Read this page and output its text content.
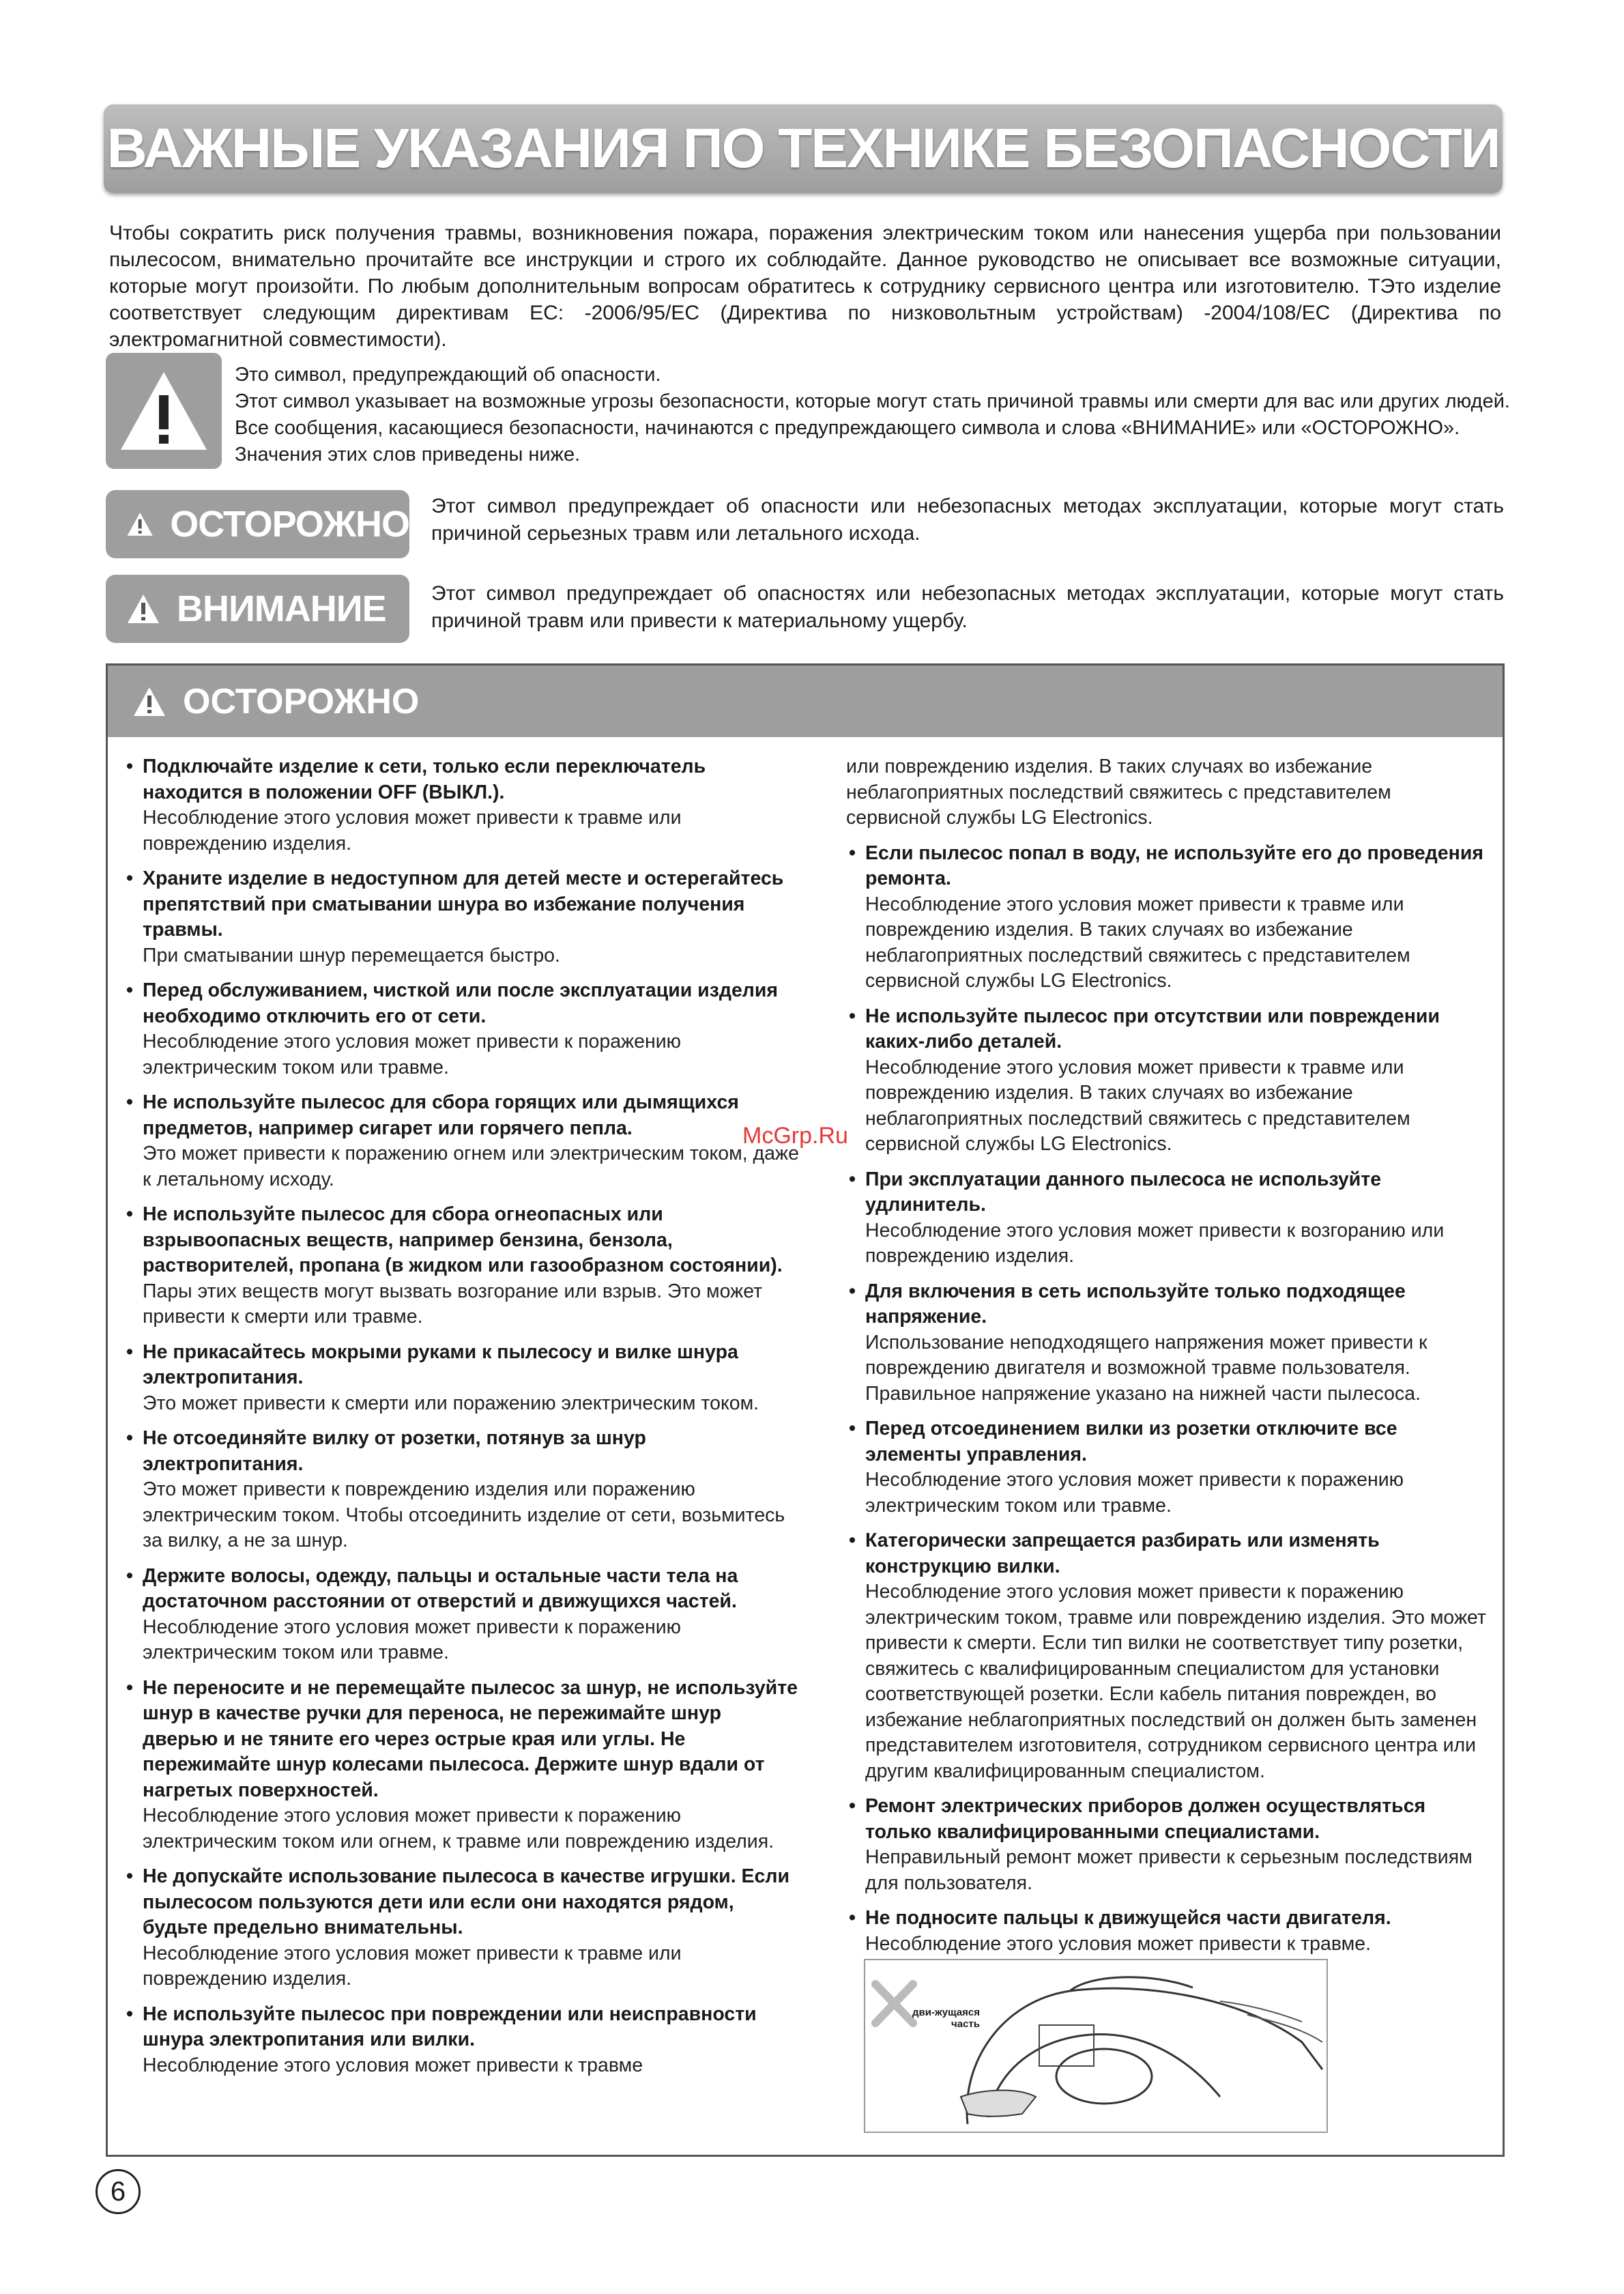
ВАЖНЫЕ УКАЗАНИЯ ПО ТЕХНИКЕ БЕЗОПАСНОСТИ

Чтобы сократить риск получения травмы, возникновения пожара, поражения электрическим током или нанесения ущерба при пользовании пылесосом, внимательно прочитайте все инструкции и строго их соблюдайте. Данное руководство не описывает все возможные ситуации, которые могут произойти. По любым дополнительным вопросам обратитесь к сотруднику сервисного центра или изготовителю. ТЭто изделие соответствует следующим директивам ЕС: -2006/95/EC (Директива по низковольтным устройствам) -2004/108/EC (Директива по электромагнитной совместимости).

Это символ, предупреждающий об опасности.
Этот символ указывает на возможные угрозы безопасности, которые могут стать причиной травмы или смерти для вас или других людей.
Все сообщения, касающиеся безопасности, начинаются с предупреждающего символа и слова «ВНИМАНИЕ» или «ОСТОРОЖНО».
Значения этих слов приведены ниже.
ОСТОРОЖНО Этот символ предупреждает об опасности или небезопасных методах эксплуатации, которые могут стать
причиной серьезных травм или летального исхода.
ВНИМАНИЕ Этот символ предупреждает об опасностях или небезопасных методах эксплуатации, которые могут стать
причиной травм или привести к материальному ущербу.
ОСТОРОЖНО
• Подключайте изделие к сети, только если переключатель находится в положении OFF (ВЫКЛ.).
Несоблюдение этого условия может привести к травме или повреждению изделия.
• Храните изделие в недоступном для детей месте и остерегайтесь препятствий при сматывании шнура во избежание получения травмы.
При сматывании шнур перемещается быстро.
• Перед обслуживанием, чисткой или после эксплуатации изделия необходимо отключить его от сети.
Несоблюдение этого условия может привести к поражению электрическим током или травме.
• Не используйте пылесос для сбора горящих или дымящихся предметов, например сигарет или горячего пепла.
Это может привести к поражению огнем или электрическим током, даже к летальному исходу.
• Не используйте пылесос для сбора огнеопасных или взрывоопасных веществ, например бензина, бензола, растворителей, пропана (в жидком или газообразном состоянии).
Пары этих веществ могут вызвать возгорание или взрыв. Это может привести к смерти или травме.
• Не прикасайтесь мокрыми руками к пылесосу и вилке шнура электропитания.
Это может привести к смерти или поражению электрическим током.
• Не отсоединяйте вилку от розетки, потянув за шнур электропитания.
Это может привести к повреждению изделия или поражению электрическим током. Чтобы отсоединить изделие от сети, возьмитесь за вилку, а не за шнур.
• Держите волосы, одежду, пальцы и остальные части тела на достаточном расстоянии от отверстий и движущихся частей.
Несоблюдение этого условия может привести к поражению электрическим током или травме.
• Не переносите и не перемещайте пылесос за шнур, не используйте шнур в качестве ручки для переноса, не пережимайте шнур дверью и не тяните его через острые края или углы. Не пережимайте шнур колесами пылесоса. Держите шнур вдали от нагретых поверхностей.
Несоблюдение этого условия может привести к поражению электрическим током или огнем, к травме или повреждению изделия.
• Не допускайте использование пылесоса в качестве игрушки. Если пылесосом пользуются дети или если они находятся рядом, будьте предельно внимательны.
Несоблюдение этого условия может привести к травме или повреждению изделия.
• Не используйте пылесос при повреждении или неисправности шнура электропитания или вилки.
Несоблюдение этого условия может привести к травме
или повреждению изделия. В таких случаях во избежание неблагоприятных последствий свяжитесь с представителем сервисной службы LG Electronics.
• Если пылесос попал в воду, не используйте его до проведения ремонта.
Несоблюдение этого условия может привести к травме или повреждению изделия. В таких случаях во избежание неблагоприятных последствий свяжитесь с представителем сервисной службы LG Electronics.
• Не используйте пылесос при отсутствии или повреждении каких-либо деталей.
Несоблюдение этого условия может привести к травме или повреждению изделия. В таких случаях во избежание неблагоприятных последствий свяжитесь с представителем сервисной службы LG Electronics.
• При эксплуатации данного пылесоса не используйте удлинитель.
Несоблюдение этого условия может привести к возгоранию или повреждению изделия.
• Для включения в сеть используйте только подходящее напряжение.
Использование неподходящего напряжения может привести к повреждению двигателя и возможной травме пользователя. Правильное напряжение указано на нижней части пылесоса.
• Перед отсоединением вилки из розетки отключите все элементы управления.
Несоблюдение этого условия может привести к поражению электрическим током или травме.
• Категорически запрещается разбирать или изменять конструкцию вилки.
Несоблюдение этого условия может привести к поражению электрическим током, травме или повреждению изделия. Это может привести к смерти. Если тип вилки не соответствует типу розетки, свяжитесь с квалифицированным специалистом для установки соответствующей розетки. Если кабель питания поврежден, во избежание неблагоприятных последствий он должен быть заменен представителем изготовителя, сотрудником сервисного центра или другим квалифицированным специалистом.
• Ремонт электрических приборов должен осуществляться только квалифицированными специалистами.
Неправильный ремонт может привести к серьезным последствиям для пользователя.
• Не подносите пальцы к движущейся части двигателя.
Несоблюдение этого условия может привести к травме.
дви-жущаяся часть
McGrp.Ru
6
